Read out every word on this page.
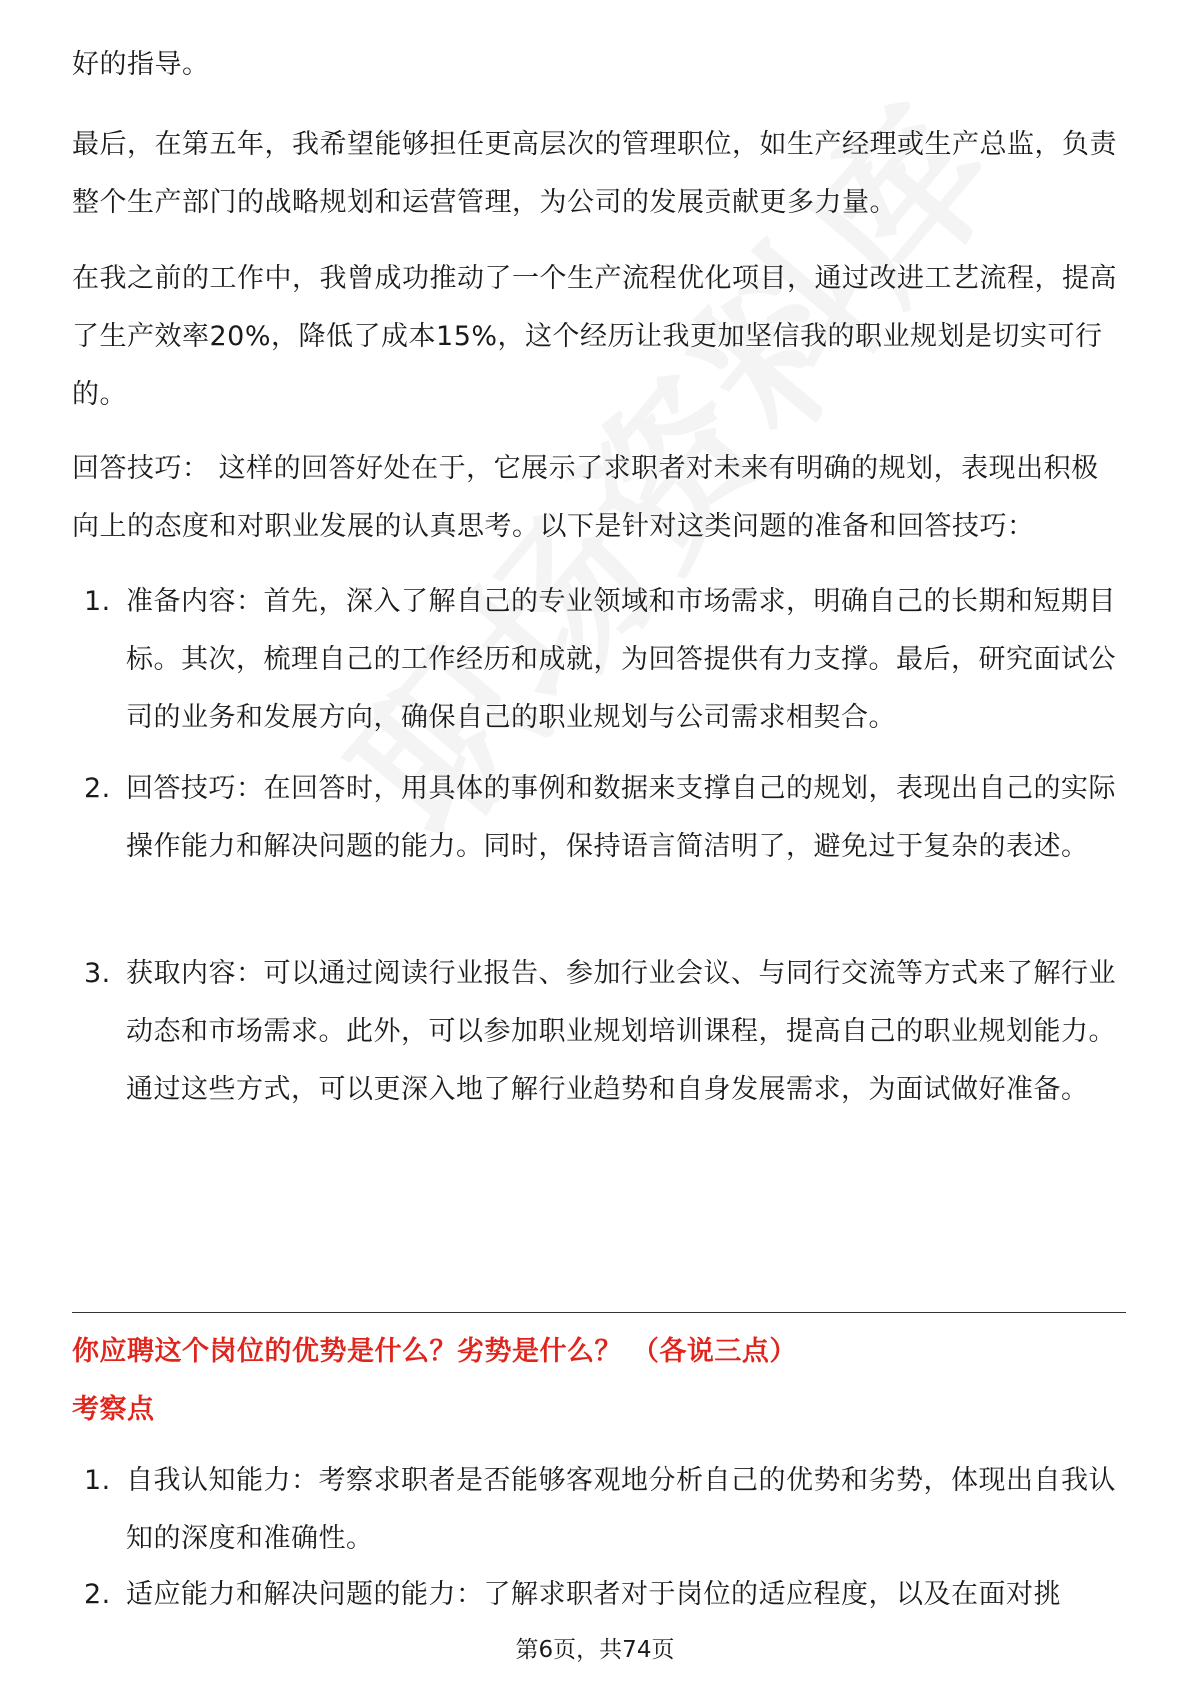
好的指导。

最后，在第五年，我希望能够担任更高层次的管理职位，如生产经理或生产总监，负责整个生产部门的战略规划和运营管理，为公司的发展贡献更多力量。

在我之前的工作中，我曾成功推动了一个生产流程优化项目，通过改进工艺流程，提高了生产效率20%，降低了成本15%，这个经历让我更加坚信我的职业规划是切实可行的。

回答技巧： 这样的回答好处在于，它展示了求职者对未来有明确的规划，表现出积极向上的态度和对职业发展的认真思考。以下是针对这类问题的准备和回答技巧：

1. 准备内容：首先，深入了解自己的专业领域和市场需求，明确自己的长期和短期目标。其次，梳理自己的工作经历和成就，为回答提供有力支撑。最后，研究面试公司的业务和发展方向，确保自己的职业规划与公司需求相契合。
2. 回答技巧：在回答时，用具体的事例和数据来支撑自己的规划，表现出自己的实际操作能力和解决问题的能力。同时，保持语言简洁明了，避免过于复杂的表述。
3. 获取内容：可以通过阅读行业报告、参加行业会议、与同行交流等方式来了解行业动态和市场需求。此外，可以参加职业规划培训课程，提高自己的职业规划能力。通过这些方式，可以更深入地了解行业趋势和自身发展需求，为面试做好准备。
你应聘这个岗位的优势是什么？劣势是什么？ （各说三点）
考察点
1. 自我认知能力：考察求职者是否能够客观地分析自己的优势和劣势，体现出自我认知的深度和准确性。
2. 适应能力和解决问题的能力：了解求职者对于岗位的适应程度，以及在面对挑
第6页，共74页
